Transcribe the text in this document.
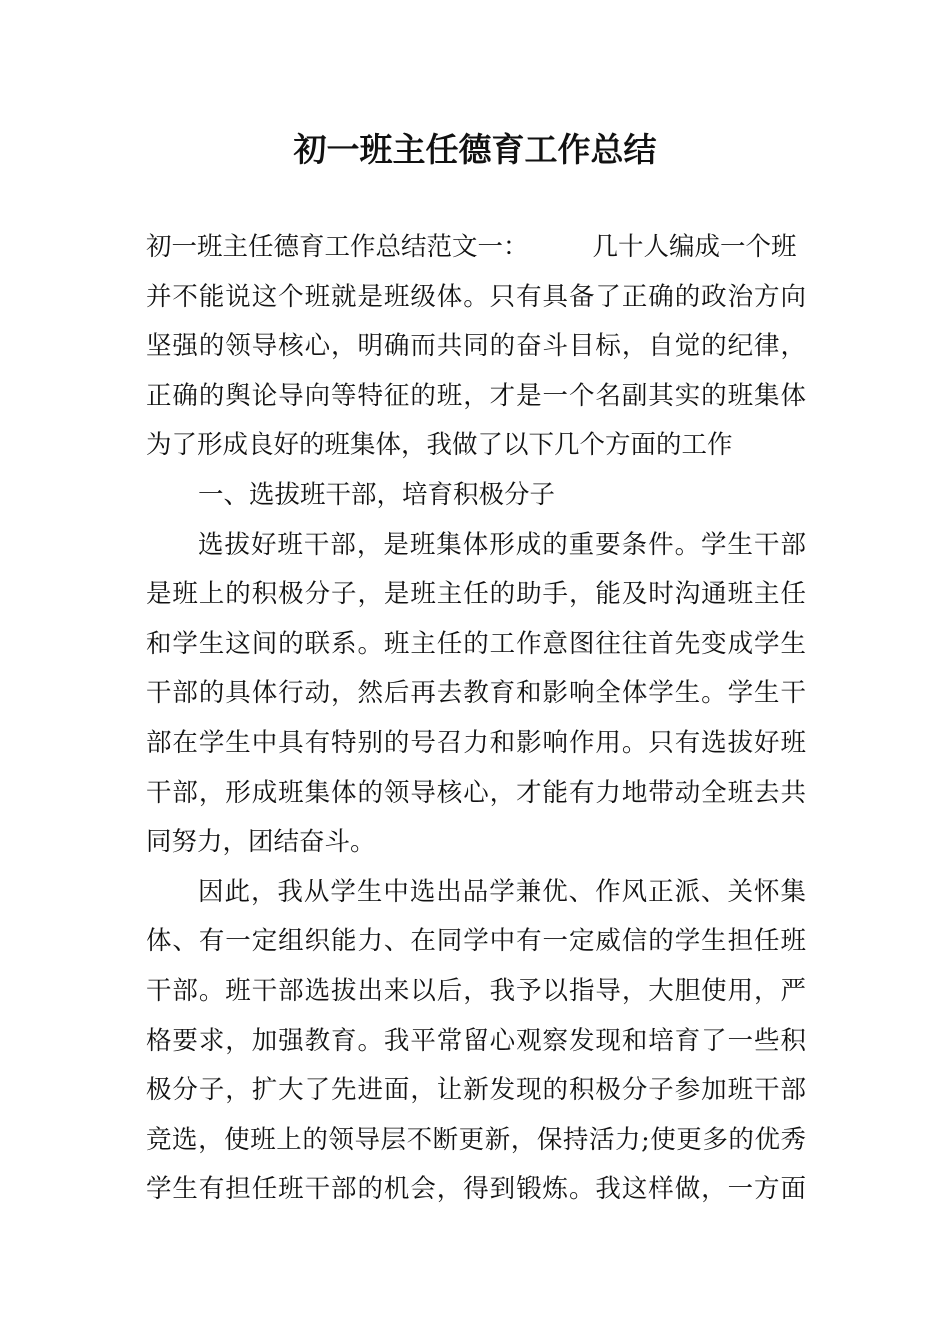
初一班主任德育工作总结
初一班主任德育工作总结范文一：	几十人编成一个班
并不能说这个班就是班级体。只有具备了正确的政治方向
坚强的领导核心，明确而共同的奋斗目标，自觉的纪律，
正确的舆论导向等特征的班，才是一个名副其实的班集体
为了形成良好的班集体，我做了以下几个方面的工作
一、选拔班干部，培育积极分子
选拔好班干部，是班集体形成的重要条件。学生干部
是班上的积极分子，是班主任的助手，能及时沟通班主任
和学生这间的联系。班主任的工作意图往往首先变成学生
干部的具体行动，然后再去教育和影响全体学生。学生干
部在学生中具有特别的号召力和影响作用。只有选拔好班
干部，形成班集体的领导核心，才能有力地带动全班去共
同努力，团结奋斗。
因此，我从学生中选出品学兼优、作风正派、关怀集
体、有一定组织能力、在同学中有一定威信的学生担任班
干部。班干部选拔出来以后，我予以指导，大胆使用，严
格要求，加强教育。我平常留心观察发现和培育了一些积
极分子，扩大了先进面，让新发现的积极分子参加班干部
竞选，使班上的领导层不断更新，保持活力;使更多的优秀
学生有担任班干部的机会，得到锻炼。我这样做，一方面
